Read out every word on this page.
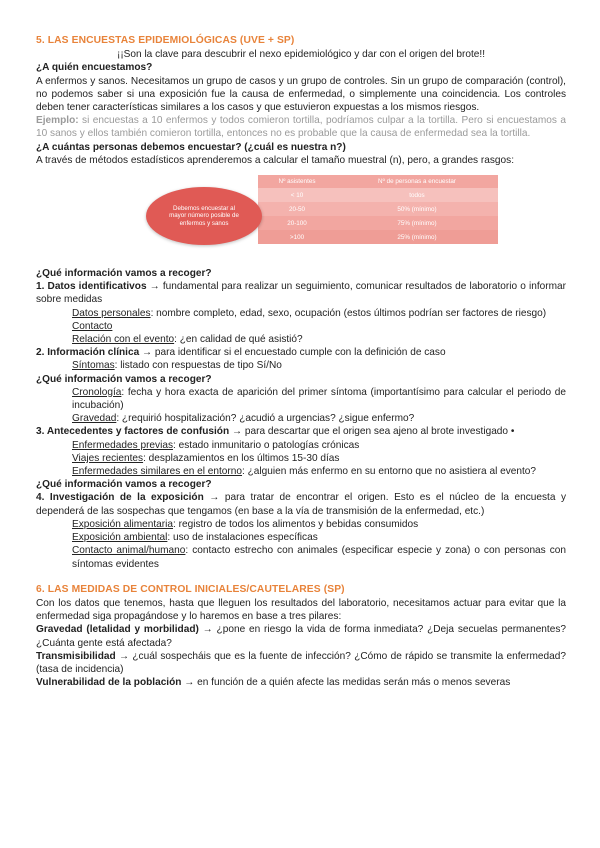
5. LAS ENCUESTAS EPIDEMIOLÓGICAS (UVE + SP)

¡¡Son la clave para descubrir el nexo epidemiológico y dar con el origen del brote!!

¿A quién encuestamos?

A enfermos y sanos. Necesitamos un grupo de casos y un grupo de controles. Sin un grupo de comparación (control), no podemos saber si una exposición fue la causa de enfermedad, o simplemente una coincidencia. Los controles deben tener características similares a los casos y que estuvieron expuestas a los mismos riesgos.

Ejemplo: si encuestas a 10 enfermos y todos comieron tortilla, podríamos culpar a la tortilla. Pero si encuestamos a 10 sanos y ellos también comieron tortilla, entonces no es probable que la causa de enfermedad sea la tortilla.

¿A cuántas personas debemos encuestar? (¿cuál es nuestra n?)

A través de métodos estadísticos aprenderemos a calcular el tamaño muestral (n), pero, a grandes rasgos:

Debemos encuestar al mayor número posible de enfermos y sanos
Nº asistentes	Nº de personas a encuestar
< 10	todos
20-50	50% (mínimo)
20-100	75% (mínimo)
>100	25% (mínimo)

¿Qué información vamos a recoger?

1. Datos identificativos → fundamental para realizar un seguimiento, comunicar resultados de laboratorio o informar sobre medidas

Datos personales: nombre completo, edad, sexo, ocupación (estos últimos podrían ser factores de riesgo)

Contacto

Relación con el evento: ¿en calidad de qué asistió?

2. Información clínica → para identificar si el encuestado cumple con la definición de caso

Síntomas: listado con respuestas de tipo Sí/No

¿Qué información vamos a recoger?

Cronología: fecha y hora exacta de aparición del primer síntoma (importantísimo para calcular el periodo de incubación)

Gravedad: ¿requirió hospitalización? ¿acudió a urgencias? ¿sigue enfermo?

3. Antecedentes y factores de confusión → para descartar que el origen sea ajeno al brote investigado •

Enfermedades previas: estado inmunitario o patologías crónicas

Viajes recientes: desplazamientos en los últimos 15-30 días

Enfermedades similares en el entorno: ¿alguien más enfermo en su entorno que no asistiera al evento?

¿Qué información vamos a recoger?

4. Investigación de la exposición → para tratar de encontrar el origen. Esto es el núcleo de la encuesta y dependerá de las sospechas que tengamos (en base a la vía de transmisión de la enfermedad, etc.)

Exposición alimentaria: registro de todos los alimentos y bebidas consumidos

Exposición ambiental: uso de instalaciones específicas

Contacto animal/humano: contacto estrecho con animales (especificar especie y zona) o con personas con síntomas evidentes

6. LAS MEDIDAS DE CONTROL INICIALES/CAUTELARES (SP)

Con los datos que tenemos, hasta que lleguen los resultados del laboratorio, necesitamos actuar para evitar que la enfermedad siga propagándose y lo haremos en base a tres pilares:

Gravedad (letalidad y morbilidad) → ¿pone en riesgo la vida de forma inmediata? ¿Deja secuelas permanentes? ¿Cuánta gente está afectada?

Transmisibilidad → ¿cuál sospecháis que es la fuente de infección? ¿Cómo de rápido se transmite la enfermedad? (tasa de incidencia)

Vulnerabilidad de la población → en función de a quién afecte las medidas serán más o menos severas
